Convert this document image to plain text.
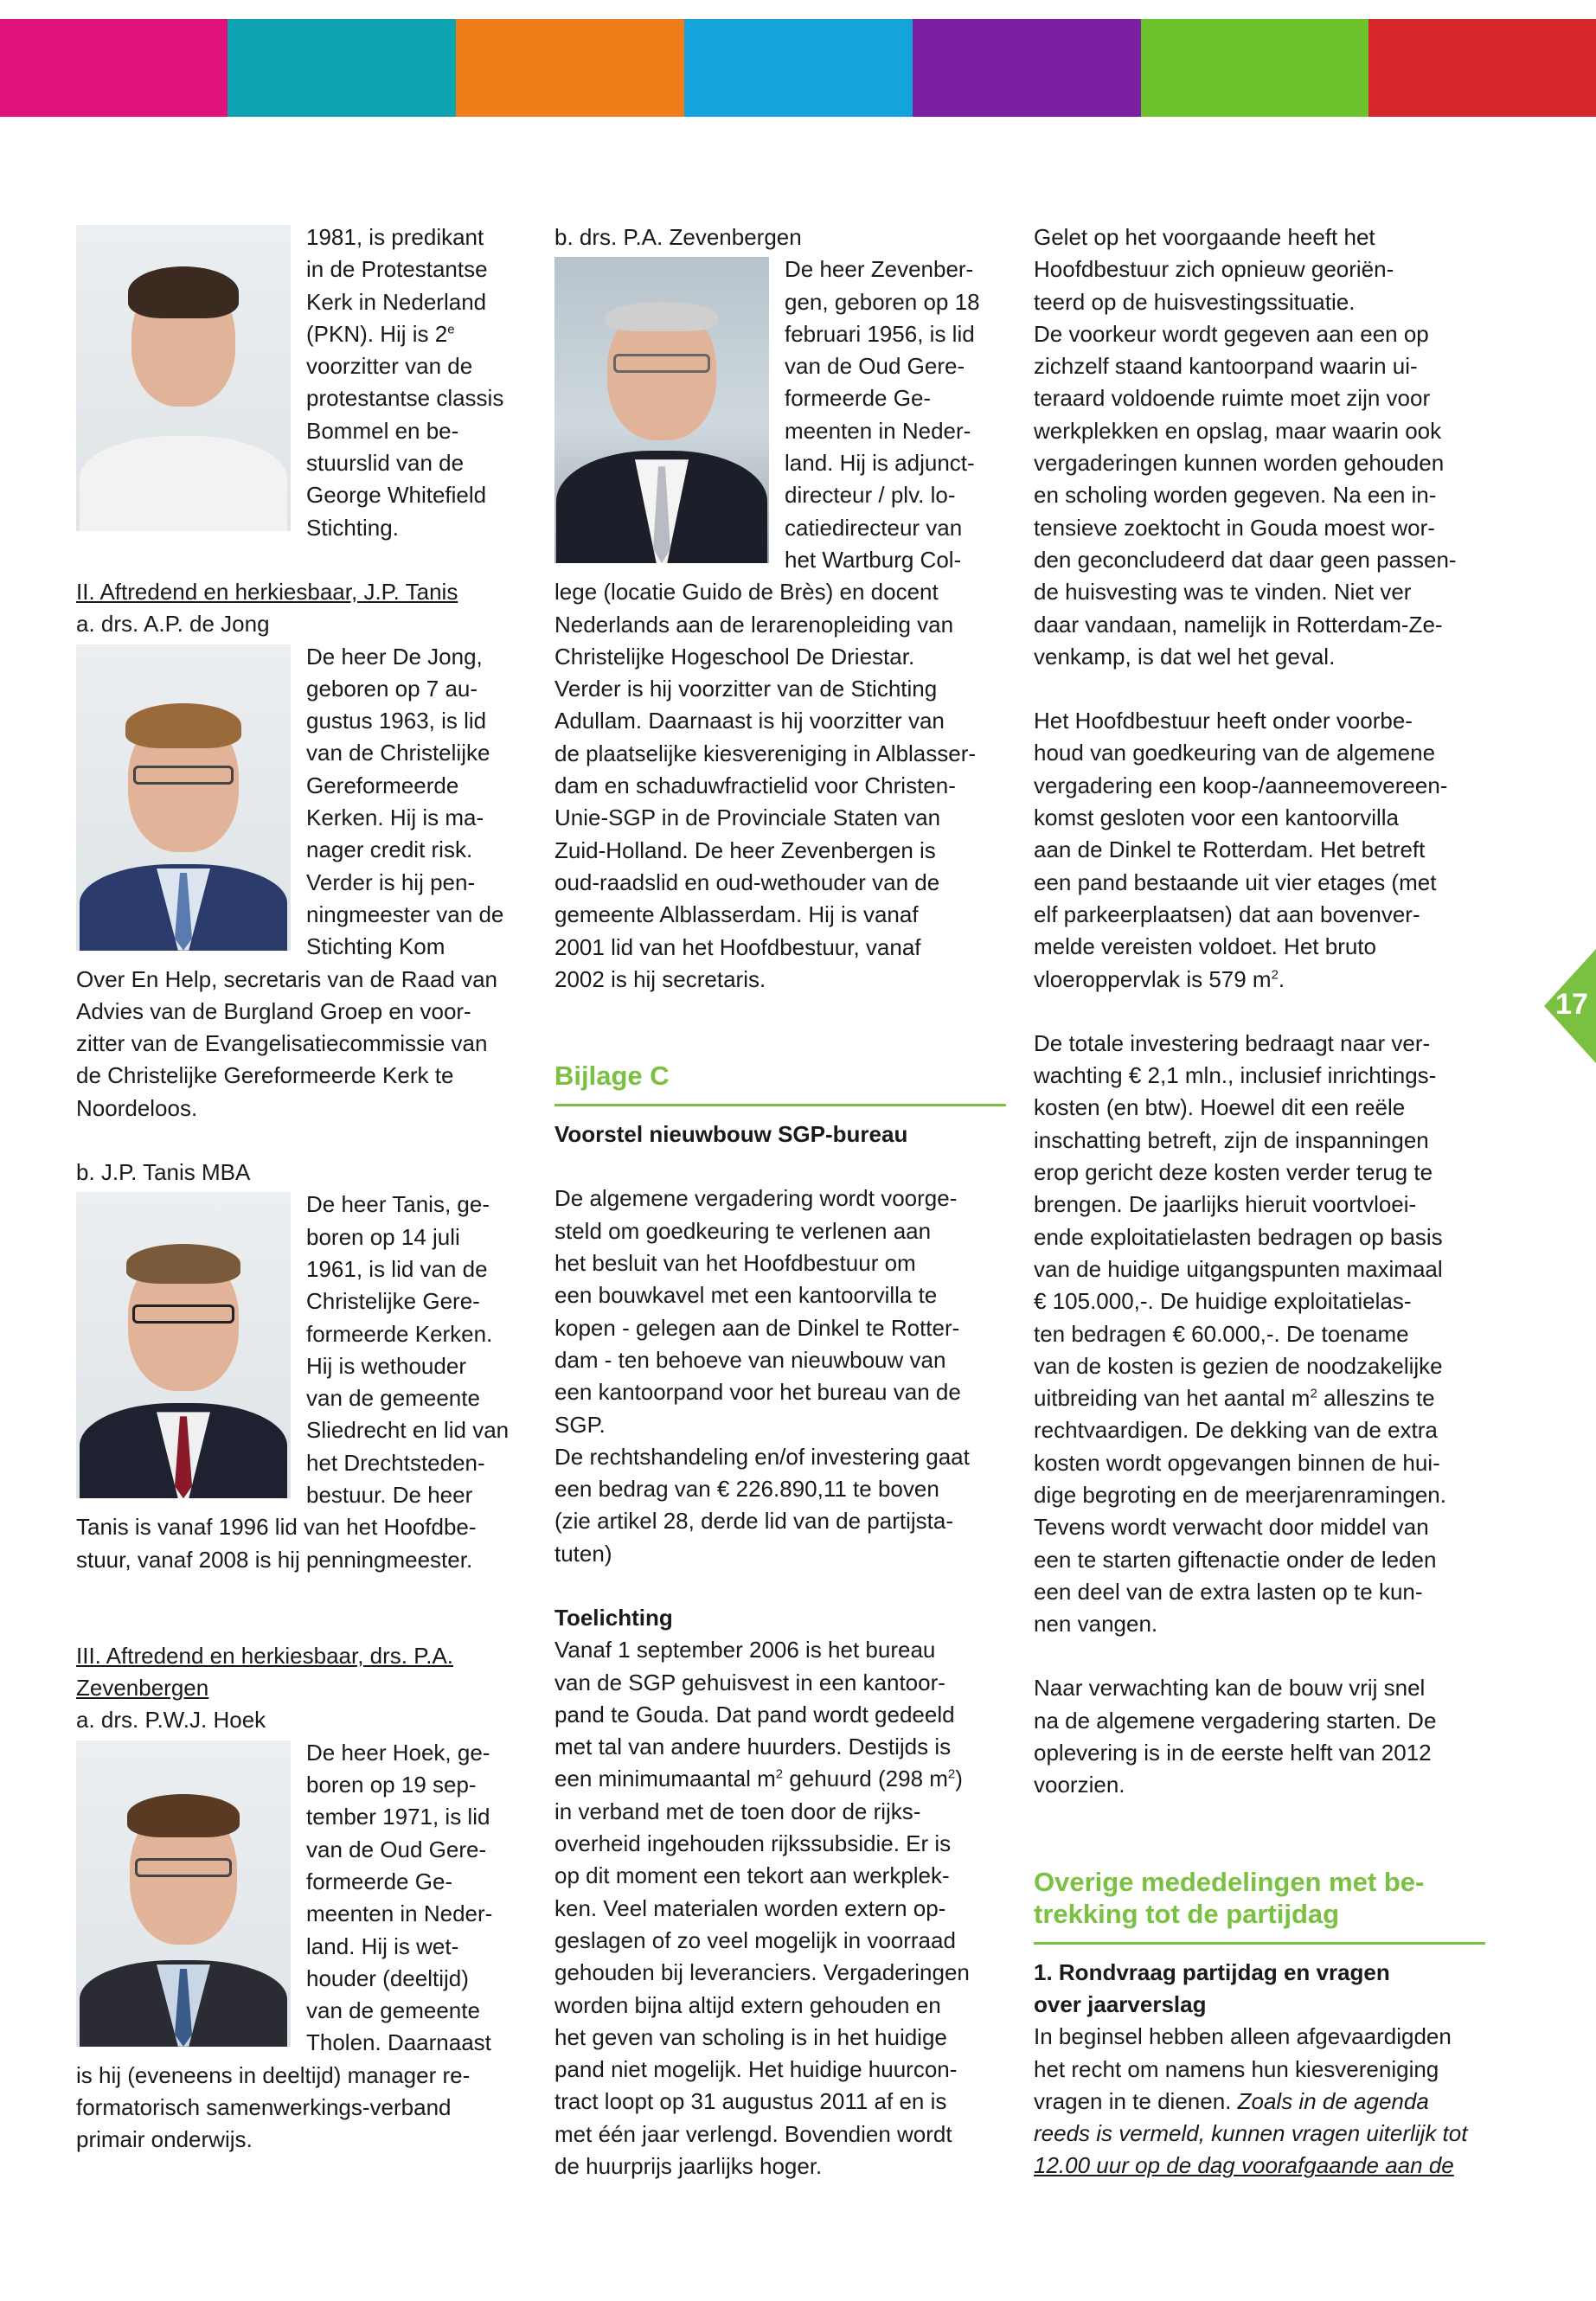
17

1981, is predikant

in de Protestantse

Kerk in Nederland

(PKN). Hij is 2e

voorzitter van de

protestantse classis

Bommel en be-

stuurslid van de

George Whitefield

Stichting.

II. Aftredend en herkiesbaar, J.P. Tanis

a. drs. A.P. de Jong

De heer De Jong,

geboren op 7 au-

gustus 1963, is lid

van de Christelijke

Gereformeerde

Kerken. Hij is ma-

nager credit risk.

Verder is hij pen-

ningmeester van de

Stichting Kom

Over En Help, secretaris van de Raad van

Advies van de Burgland Groep en voor-

zitter van de Evangelisatiecommissie van

de Christelijke Gereformeerde Kerk te

Noordeloos.

b. J.P. Tanis MBA

De heer Tanis, ge-

boren op 14 juli

1961, is lid van de

Christelijke Gere-

formeerde Kerken.

Hij is wethouder

van de gemeente

Sliedrecht en lid van

het Drechtsteden-

bestuur. De heer

Tanis is vanaf 1996 lid van het Hoofdbe-

stuur, vanaf 2008 is hij penningmeester.

III. Aftredend en herkiesbaar, drs. P.A.

Zevenbergen

a. drs. P.W.J. Hoek

De heer Hoek, ge-

boren op 19 sep-

tember 1971, is lid

van de Oud Gere-

formeerde Ge-

meenten in Neder-

land. Hij is wet-

houder (deeltijd)

van de gemeente

Tholen. Daarnaast

is hij (eveneens in deeltijd) manager re-

formatorisch samenwerkings-verband

primair onderwijs.

b. drs. P.A. Zevenbergen

De heer Zevenber-

gen, geboren op 18

februari 1956, is lid

van de Oud Gere-

formeerde Ge-

meenten in Neder-

land. Hij is adjunct-

directeur / plv. lo-

catiedirecteur van

het Wartburg Col-

lege (locatie Guido de Brès) en docent

Nederlands aan de lerarenopleiding van

Christelijke Hogeschool De Driestar.

Verder is hij voorzitter van de Stichting

Adullam. Daarnaast is hij voorzitter van

de plaatselijke kiesvereniging in Alblasser-

dam en schaduwfractielid voor Christen-

Unie-SGP in de Provinciale Staten van

Zuid-Holland. De heer Zevenbergen is

oud-raadslid en oud-wethouder van de

gemeente Alblasserdam. Hij is vanaf

2001 lid van het Hoofdbestuur, vanaf

2002 is hij secretaris.

Bijlage C

Voorstel nieuwbouw SGP-bureau

De algemene vergadering wordt voorge-

steld om goedkeuring te verlenen aan

het besluit van het Hoofdbestuur om

een bouwkavel met een kantoorvilla te

kopen - gelegen aan de Dinkel te Rotter-

dam - ten behoeve van nieuwbouw van

een kantoorpand voor het bureau van de

SGP.

De rechtshandeling en/of investering gaat

een bedrag van € 226.890,11 te boven

(zie artikel 28, derde lid van de partijsta-

tuten)

Toelichting

Vanaf 1 september 2006 is het bureau

van de SGP gehuisvest in een kantoor-

pand te Gouda. Dat pand wordt gedeeld

met tal van andere huurders. Destijds is

een minimumaantal $m^2$ gehuurd (298 $m^2$)

in verband met de toen door de rijks-

overheid ingehouden rijkssubsidie. Er is

op dit moment een tekort aan werkplek-

ken. Veel materialen worden extern op-

geslagen of zo veel mogelijk in voorraad

gehouden bij leveranciers. Vergaderingen

worden bijna altijd extern gehouden en

het geven van scholing is in het huidige

pand niet mogelijk. Het huidige huurcon-

tract loopt op 31 augustus 2011 af en is

met één jaar verlengd. Bovendien wordt

de huurprijs jaarlijks hoger.

Gelet op het voorgaande heeft het

Hoofdbestuur zich opnieuw georiën-

teerd op de huisvestingssituatie.

De voorkeur wordt gegeven aan een op

zichzelf staand kantoorpand waarin ui-

teraard voldoende ruimte moet zijn voor

werkplekken en opslag, maar waarin ook

vergaderingen kunnen worden gehouden

en scholing worden gegeven. Na een in-

tensieve zoektocht in Gouda moest wor-

den geconcludeerd dat daar geen passen-

de huisvesting was te vinden. Niet ver

daar vandaan, namelijk in Rotterdam-Ze-

venkamp, is dat wel het geval.

Het Hoofdbestuur heeft onder voorbe-

houd van goedkeuring van de algemene

vergadering een koop-/aanneemovereen-

komst gesloten voor een kantoorvilla

aan de Dinkel te Rotterdam. Het betreft

een pand bestaande uit vier etages (met

elf parkeerplaatsen) dat aan bovenver-

melde vereisten voldoet. Het bruto

vloeroppervlak is 579 $m^2$.

De totale investering bedraagt naar ver-

wachting € 2,1 mln., inclusief inrichtings-

kosten (en btw). Hoewel dit een reële

inschatting betreft, zijn de inspanningen

erop gericht deze kosten verder terug te

brengen. De jaarlijks hieruit voortvloei-

ende exploitatielasten bedragen op basis

van de huidige uitgangspunten maximaal

€ 105.000,-. De huidige exploitatielas-

ten bedragen € 60.000,-. De toename

van de kosten is gezien de noodzakelijke

uitbreiding van het aantal $m^2$ alleszins te

rechtvaardigen. De dekking van de extra

kosten wordt opgevangen binnen de hui-

dige begroting en de meerjarenramingen.

Tevens wordt verwacht door middel van

een te starten giftenactie onder de leden

een deel van de extra lasten op te kun-

nen vangen.

Naar verwachting kan de bouw vrij snel

na de algemene vergadering starten. De

oplevering is in de eerste helft van 2012

voorzien.

Overige mededelingen met be-

trekking tot de partijdag

1. Rondvraag partijdag en vragen

over jaarverslag

In beginsel hebben alleen afgevaardigden

het recht om namens hun kiesvereniging

vragen in te dienen. Zoals in de agenda

reeds is vermeld, kunnen vragen uiterlijk tot

12.00 uur op de dag voorafgaande aan de
